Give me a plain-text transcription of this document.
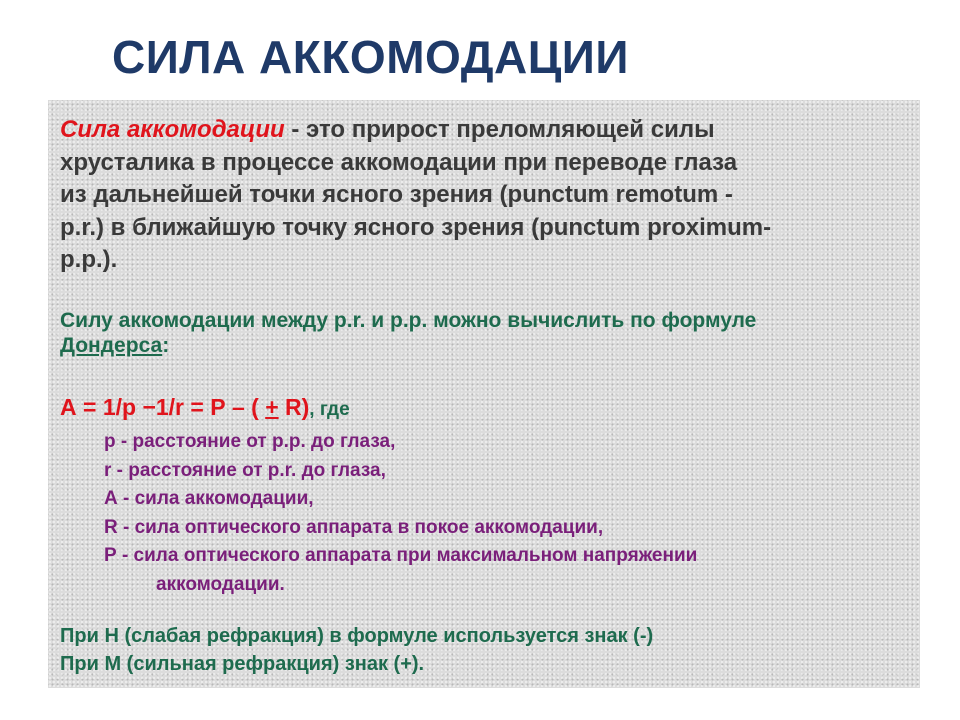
СИЛА АККОМОДАЦИИ
Сила аккомодации - это прирост преломляющей силы
хрусталика в процессе аккомодации при переводе глаза
из дальнейшей точки ясного зрения (punctum remotum -
p.r.) в ближайшую точку ясного зрения (punctum proximum-
p.p.).
Силу аккомодации между p.r. и p.p. можно вычислить по формуле
Дондерса:
А = 1/р −1/r = Р – ( + R), где
р - расстояние от p.p. до глаза,
r - расстояние от p.r. до глаза,
А - сила аккомодации,
R - сила оптического аппарата в покое аккомодации,
Р - сила оптического аппарата при максимальном напряжении
аккомодации.
При Н (слабая рефракция) в формуле используется знак (-)
При М (сильная рефракция) знак (+).
